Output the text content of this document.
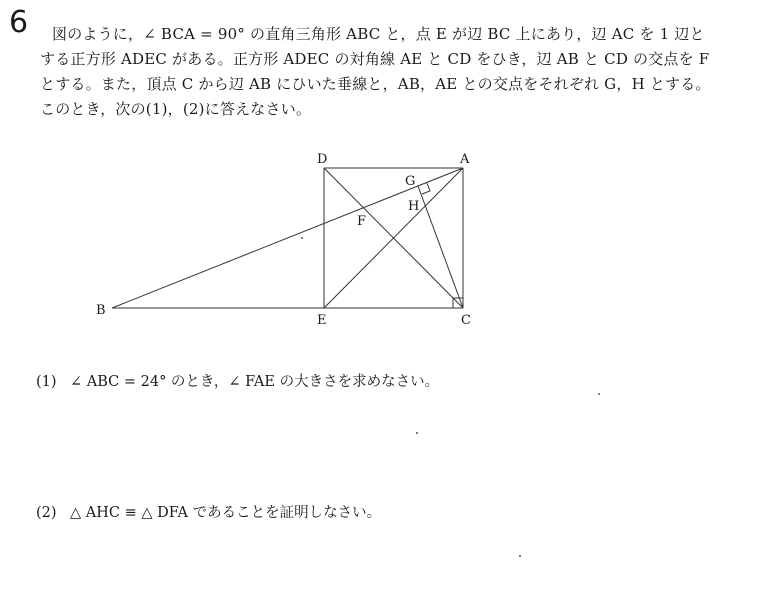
6	図のように，∠ BCA = 90° の直角三角形 ABC と，点 E が辺 BC 上にあり，辺 AC を 1 辺と
する正方形 ADEC がある。正方形 ADEC の対角線 AE と CD をひき，辺 AB と CD の交点を F
とする。また，頂点 C から辺 AB にひいた垂線と，AB，AE との交点をそれぞれ G，H とする。
このとき，次の(1)，(2)に答えなさい。
D	A
G
H
F
B
E	C
(1) ∠ ABC = 24° のとき，∠ FAE の大きさを求めなさい。
(2) △ AHC ≡ △ DFA であることを証明しなさい。
